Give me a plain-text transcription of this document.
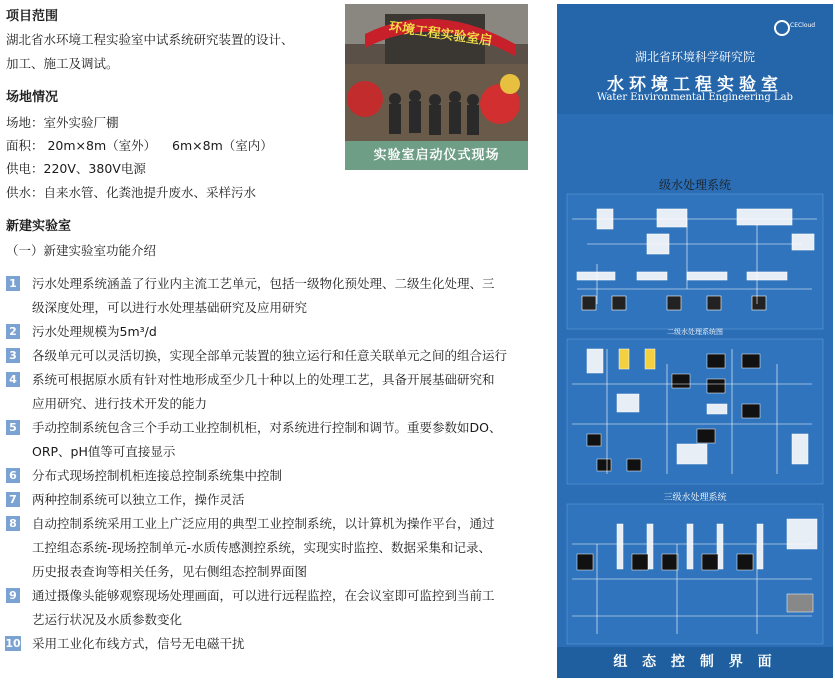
项目范围
湖北省水环境工程实验室中试系统研究装置的设计、
加工、施工及调试。
场地情况
场地：室外实验厂棚
面积： 20m×8m（室外）    6m×8m（室内）
供电：220V、380V电源
供水：自来水管、化粪池提升废水、采样污水
新建实验室
（一）新建实验室功能介绍
1 污水处理系统涵盖了行业内主流工艺单元，包括一级物化预处理、二级生化处理、三
级深度处理，可以进行水处理基础研究及应用研究
2 污水处理规模为5m³/d
3 各级单元可以灵活切换，实现全部单元装置的独立运行和任意关联单元之间的组合运行
4 系统可根据原水质有针对性地形成至少几十种以上的处理工艺，具备开展基础研究和
应用研究、进行技术开发的能力
5 手动控制系统包含三个手动工业控制机柜，对系统进行控制和调节。重要参数如DO、
ORP、pH值等可直接显示
6 分布式现场控制机柜连接总控制系统集中控制
7 两种控制系统可以独立工作，操作灵活
8 自动控制系统采用工业上广泛应用的典型工业控制系统，以计算机为操作平台，通过
工控组态系统-现场控制单元-水质传感测控系统，实现实时监控、数据采集和记录、
历史报表查询等相关任务，见右侧组态控制界面图
9 通过摄像头能够观察现场处理画面，可以进行远程监控，在会议室即可监控到当前工
艺运行状况及水质参数变化
10 采用工业化布线方式，信号无电磁干扰
环境工程实验室启
实验室启动仪式现场
CECloud
湖北省环境科学研究院
水环境工程实验室
Water Environmental Engineering Lab
级水处理系统
二级水处理系统图
三级水处理系统
组 态 控 制 界 面
